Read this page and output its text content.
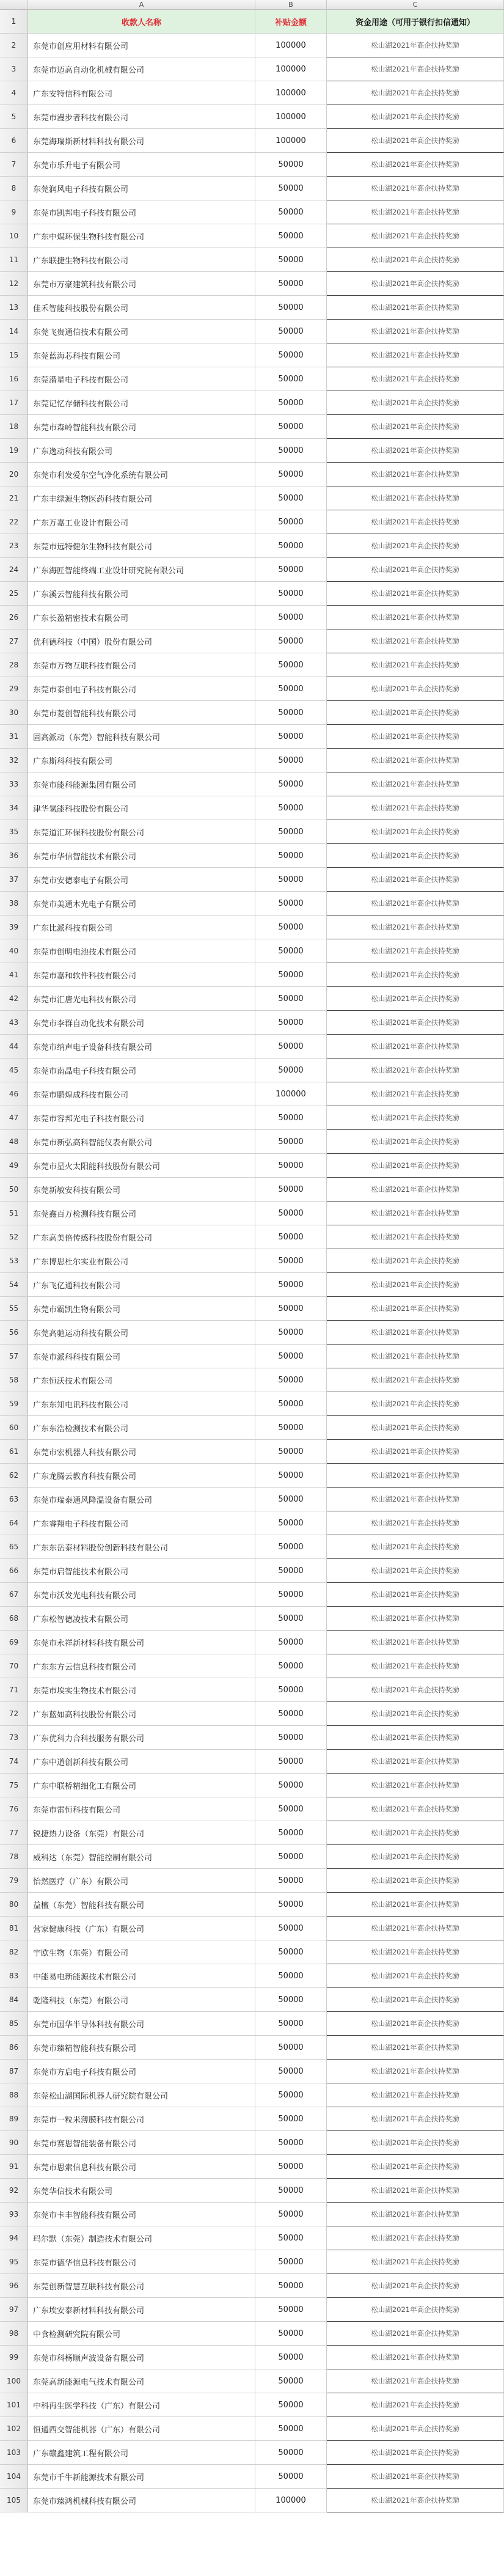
A	B	C
1	收款人名称	补贴金额	资金用途（可用于银行扣信通知）
2	东莞市创应用材料有限公司	100000	松山湖2021年高企扶持奖励
3	东莞市迈高自动化机械有限公司	100000	松山湖2021年高企扶持奖励
4	广东安特信科有限公司	100000	松山湖2021年高企扶持奖励
5	东莞市漫步者科技有限公司	100000	松山湖2021年高企扶持奖励
6	东莞海瑞斯新材料科技有限公司	100000	松山湖2021年高企扶持奖励
7	东莞市乐升电子有限公司	50000	松山湖2021年高企扶持奖励
8	东莞润风电子科技有限公司	50000	松山湖2021年高企扶持奖励
9	东莞市凯邦电子科技有限公司	50000	松山湖2021年高企扶持奖励
10	广东中煤环保生物科技有限公司	50000	松山湖2021年高企扶持奖励
11	广东联捷生物科技有限公司	50000	松山湖2021年高企扶持奖励
12	东莞市万豪建筑科技有限公司	50000	松山湖2021年高企扶持奖励
13	佳禾智能科技股份有限公司	50000	松山湖2021年高企扶持奖励
14	东莞飞贵通信技术有限公司	50000	松山湖2021年高企扶持奖励
15	东莞蓝海芯科技有限公司	50000	松山湖2021年高企扶持奖励
16	东莞潜星电子科技有限公司	50000	松山湖2021年高企扶持奖励
17	东莞记忆存储科技有限公司	50000	松山湖2021年高企扶持奖励
18	东莞市森岭智能科技有限公司	50000	松山湖2021年高企扶持奖励
19	广东逸动科技有限公司	50000	松山湖2021年高企扶持奖励
20	东莞市利发爱尔空气净化系统有限公司	50000	松山湖2021年高企扶持奖励
21	广东丰绿源生物医药科技有限公司	50000	松山湖2021年高企扶持奖励
22	广东万嘉工业设计有限公司	50000	松山湖2021年高企扶持奖励
23	东莞市远特健尔生物科技有限公司	50000	松山湖2021年高企扶持奖励
24	广东海匠智能终端工业设计研究院有限公司	50000	松山湖2021年高企扶持奖励
25	广东溪云智能科技有限公司	50000	松山湖2021年高企扶持奖励
26	广东长盈精密技术有限公司	50000	松山湖2021年高企扶持奖励
27	优利德科技（中国）股份有限公司	50000	松山湖2021年高企扶持奖励
28	东莞市万物互联科技有限公司	50000	松山湖2021年高企扶持奖励
29	东莞市泰创电子科技有限公司	50000	松山湖2021年高企扶持奖励
30	东莞市菱创智能科技有限公司	50000	松山湖2021年高企扶持奖励
31	固高派动（东莞）智能科技有限公司	50000	松山湖2021年高企扶持奖励
32	广东斯科科技有限公司	50000	松山湖2021年高企扶持奖励
33	东莞市能科能源集团有限公司	50000	松山湖2021年高企扶持奖励
34	津华氢能科技股份有限公司	50000	松山湖2021年高企扶持奖励
35	东莞道汇环保科技股份有限公司	50000	松山湖2021年高企扶持奖励
36	东莞市华信智能技术有限公司	50000	松山湖2021年高企扶持奖励
37	东莞市安德泰电子有限公司	50000	松山湖2021年高企扶持奖励
38	东莞市美通木光电子有限公司	50000	松山湖2021年高企扶持奖励
39	广东比派科技有限公司	50000	松山湖2021年高企扶持奖励
40	东莞市创明电池技术有限公司	50000	松山湖2021年高企扶持奖励
41	东莞市嘉和软件科技有限公司	50000	松山湖2021年高企扶持奖励
42	东莞市汇唐光电科技有限公司	50000	松山湖2021年高企扶持奖励
43	东莞市李群自动化技术有限公司	50000	松山湖2021年高企扶持奖励
44	东莞市纳声电子设备科技有限公司	50000	松山湖2021年高企扶持奖励
45	东莞市南晶电子科技有限公司	50000	松山湖2021年高企扶持奖励
46	东莞市鹏煌成科技有限公司	100000	松山湖2021年高企扶持奖励
47	东莞市容邦光电子科技有限公司	50000	松山湖2021年高企扶持奖励
48	东莞市新弘高科智能仪表有限公司	50000	松山湖2021年高企扶持奖励
49	东莞市星火太阳能科技股份有限公司	50000	松山湖2021年高企扶持奖励
50	东莞新敏安科技有限公司	50000	松山湖2021年高企扶持奖励
51	东莞鑫百万检测科技有限公司	50000	松山湖2021年高企扶持奖励
52	广东高美倍传感科技股份有限公司	50000	松山湖2021年高企扶持奖励
53	广东博思杜尔实业有限公司	50000	松山湖2021年高企扶持奖励
54	广东飞亿通科技有限公司	50000	松山湖2021年高企扶持奖励
55	东莞市霸凯生物有限公司	50000	松山湖2021年高企扶持奖励
56	东莞高驰运动科技有限公司	50000	松山湖2021年高企扶持奖励
57	东莞市派科科技有限公司	50000	松山湖2021年高企扶持奖励
58	广东恒沃技术有限公司	50000	松山湖2021年高企扶持奖励
59	广东东知电讯科技有限公司	50000	松山湖2021年高企扶持奖励
60	广东东浩检测技术有限公司	50000	松山湖2021年高企扶持奖励
61	东莞市宏机器人科技有限公司	50000	松山湖2021年高企扶持奖励
62	广东龙腾云教育科技有限公司	50000	松山湖2021年高企扶持奖励
63	东莞市瑞泰通风降温设备有限公司	50000	松山湖2021年高企扶持奖励
64	广东睿翔电子科技有限公司	50000	松山湖2021年高企扶持奖励
65	广东东岳泰材料股份创新科技有限公司	50000	松山湖2021年高企扶持奖励
66	东莞市启智能技术有限公司	50000	松山湖2021年高企扶持奖励
67	东莞市沃发光电科技有限公司	50000	松山湖2021年高企扶持奖励
68	广东松智德凌技术有限公司	50000	松山湖2021年高企扶持奖励
69	东莞市永祥新材料科技有限公司	50000	松山湖2021年高企扶持奖励
70	广东东方云信息科技有限公司	50000	松山湖2021年高企扶持奖励
71	东莞市埃实生物技术有限公司	50000	松山湖2021年高企扶持奖励
72	广东蓝如高科技股份有限公司	50000	松山湖2021年高企扶持奖励
73	广东优科力合科技服务有限公司	50000	松山湖2021年高企扶持奖励
74	广东中道创新科技有限公司	50000	松山湖2021年高企扶持奖励
75	广东中联桥精细化工有限公司	50000	松山湖2021年高企扶持奖励
76	东莞市雷恒科技有限公司	50000	松山湖2021年高企扶持奖励
77	锐捷热力设备（东莞）有限公司	50000	松山湖2021年高企扶持奖励
78	威科达（东莞）智能控制有限公司	50000	松山湖2021年高企扶持奖励
79	怡然医疗（广东）有限公司	50000	松山湖2021年高企扶持奖励
80	益檀（东莞）智能科技有限公司	50000	松山湖2021年高企扶持奖励
81	营家健康科技（广东）有限公司	50000	松山湖2021年高企扶持奖励
82	宇欧生物（东莞）有限公司	50000	松山湖2021年高企扶持奖励
83	中能易电新能源技术有限公司	50000	松山湖2021年高企扶持奖励
84	乾隆科技（东莞）有限公司	50000	松山湖2021年高企扶持奖励
85	东莞市国华半导体科技有限公司	50000	松山湖2021年高企扶持奖励
86	东莞市臻精智能科技有限公司	50000	松山湖2021年高企扶持奖励
87	东莞市方启电子科技有限公司	50000	松山湖2021年高企扶持奖励
88	东莞松山湖国际机器人研究院有限公司	50000	松山湖2021年高企扶持奖励
89	东莞市一粒米薄膜科技有限公司	50000	松山湖2021年高企扶持奖励
90	东莞市赛思智能装备有限公司	50000	松山湖2021年高企扶持奖励
91	东莞市思索信息科技有限公司	50000	松山湖2021年高企扶持奖励
92	东莞华信技术有限公司	50000	松山湖2021年高企扶持奖励
93	东莞市卡丰智能科技有限公司	50000	松山湖2021年高企扶持奖励
94	玛尔默（东莞）制造技术有限公司	50000	松山湖2021年高企扶持奖励
95	东莞市德华信息科技有限公司	50000	松山湖2021年高企扶持奖励
96	东莞创新智慧互联科技有限公司	50000	松山湖2021年高企扶持奖励
97	广东埃安泰新材料科技有限公司	50000	松山湖2021年高企扶持奖励
98	中食检测研究院有限公司	50000	松山湖2021年高企扶持奖励
99	东莞市科杨顺声波设备有限公司	50000	松山湖2021年高企扶持奖励
100	东莞高新能源电气技术有限公司	50000	松山湖2021年高企扶持奖励
101	中科再生医学科技（广东）有限公司	50000	松山湖2021年高企扶持奖励
102	恒通西交智能机器（广东）有限公司	50000	松山湖2021年高企扶持奖励
103	广东赣鑫建筑工程有限公司	50000	松山湖2021年高企扶持奖励
104	东莞市千牛新能源技术有限公司	50000	松山湖2021年高企扶持奖励
105	东莞市臻鸿机械科技有限公司	100000	松山湖2021年高企扶持奖励
